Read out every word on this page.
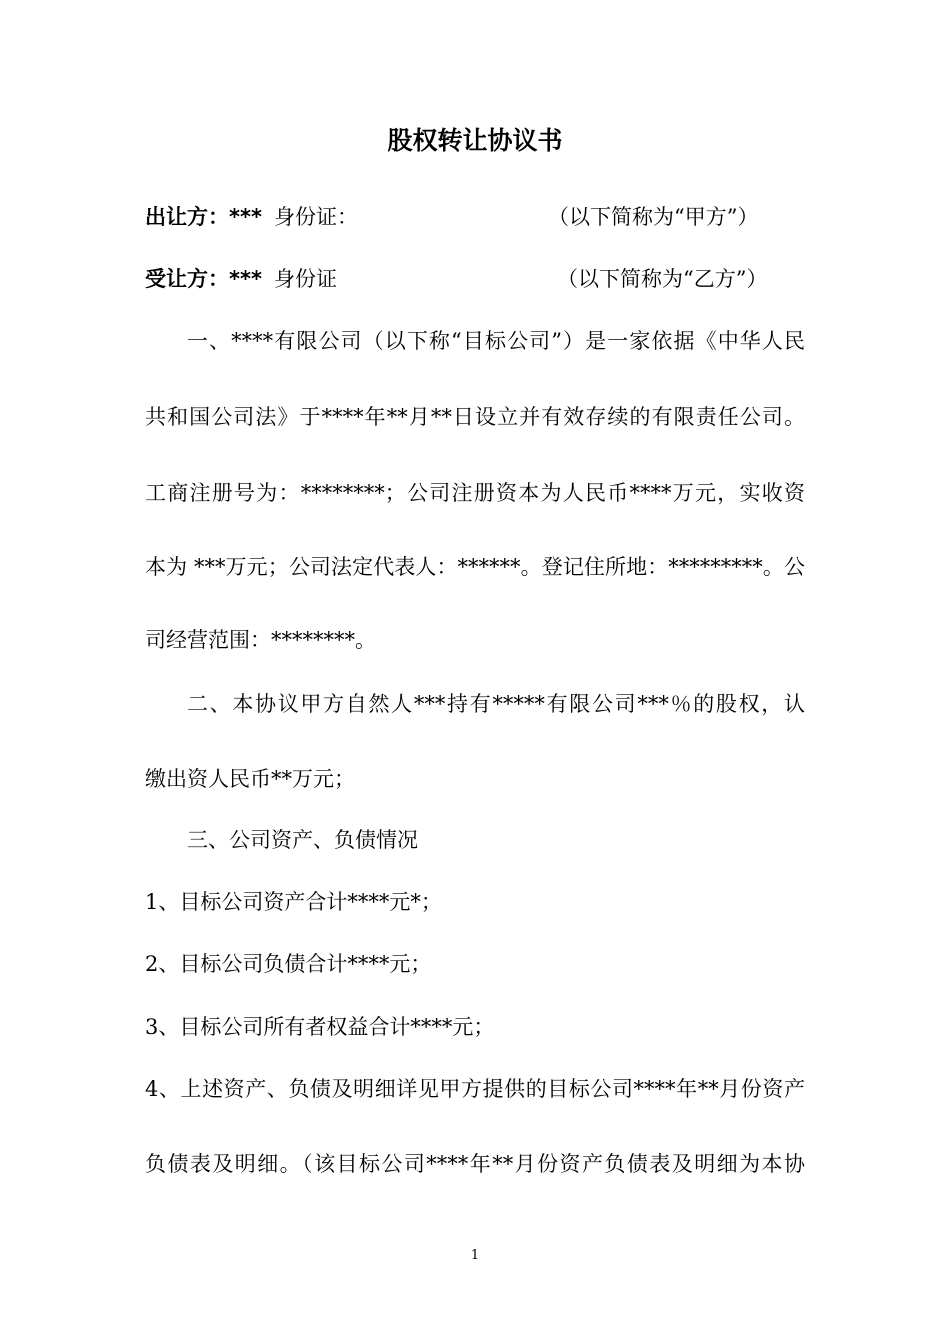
股权转让协议书
出让方：*** 身份证：	（以下简称为“甲方”）
受让方：*** 身份证	（以下简称为“乙方”）
一、****有限公司（以下称“目标公司”）是一家依据《中华人民
共和国公司法》于****年**月**日设立并有效存续的有限责任公司。
工商注册号为：********；公司注册资本为人民币****万元，实收资
本为 ***万元；公司法定代表人：******。登记住所地：*********。公
司经营范围：********。
二、本协议甲方自然人***持有*****有限公司***％的股权，认
缴出资人民币**万元；
三、公司资产、负债情况
1、目标公司资产合计****元*；
2、目标公司负债合计****元；
3、目标公司所有者权益合计****元；
4、上述资产、负债及明细详见甲方提供的目标公司****年**月份资产
负债表及明细。（该目标公司****年**月份资产负债表及明细为本协
1
